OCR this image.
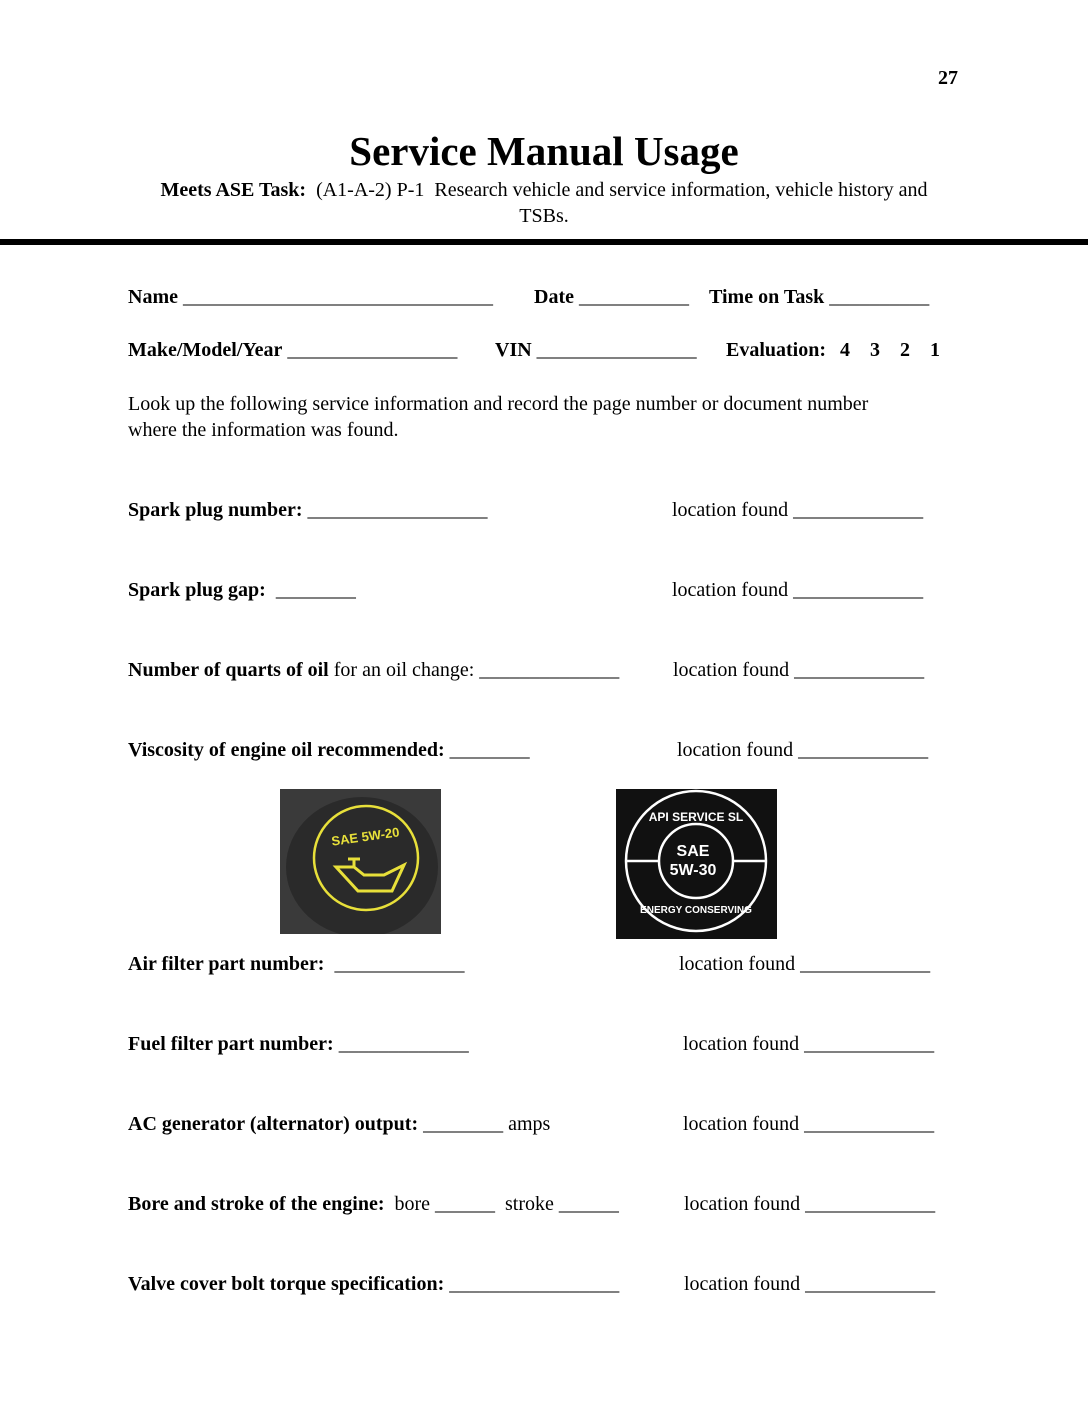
27
Service Manual Usage
Meets ASE Task:  (A1-A-2) P-1  Research vehicle and service information, vehicle history and
TSBs.
Name _______________________________ Date ___________ Time on Task __________
Make/Model/Year _________________ VIN ________________ Evaluation: 4 3 2 1
Look up the following service information and record the page number or document number
where the information was found.
Spark plug number: __________________	location found _____________
Spark plug gap:  ________	location found _____________
Number of quarts of oil for an oil change: ______________	location found _____________
Viscosity of engine oil recommended: ________	location found _____________
Air filter part number:  _____________	location found _____________
Fuel filter part number: _____________	location found _____________
AC generator (alternator) output: ________ amps	location found _____________
Bore and stroke of the engine:  bore ______  stroke ______	location found _____________
Valve cover bolt torque specification: _________________	location found _____________
SAE 5W-20
API SERVICE SL
SAE
5W-30
ENERGY CONSERVING
